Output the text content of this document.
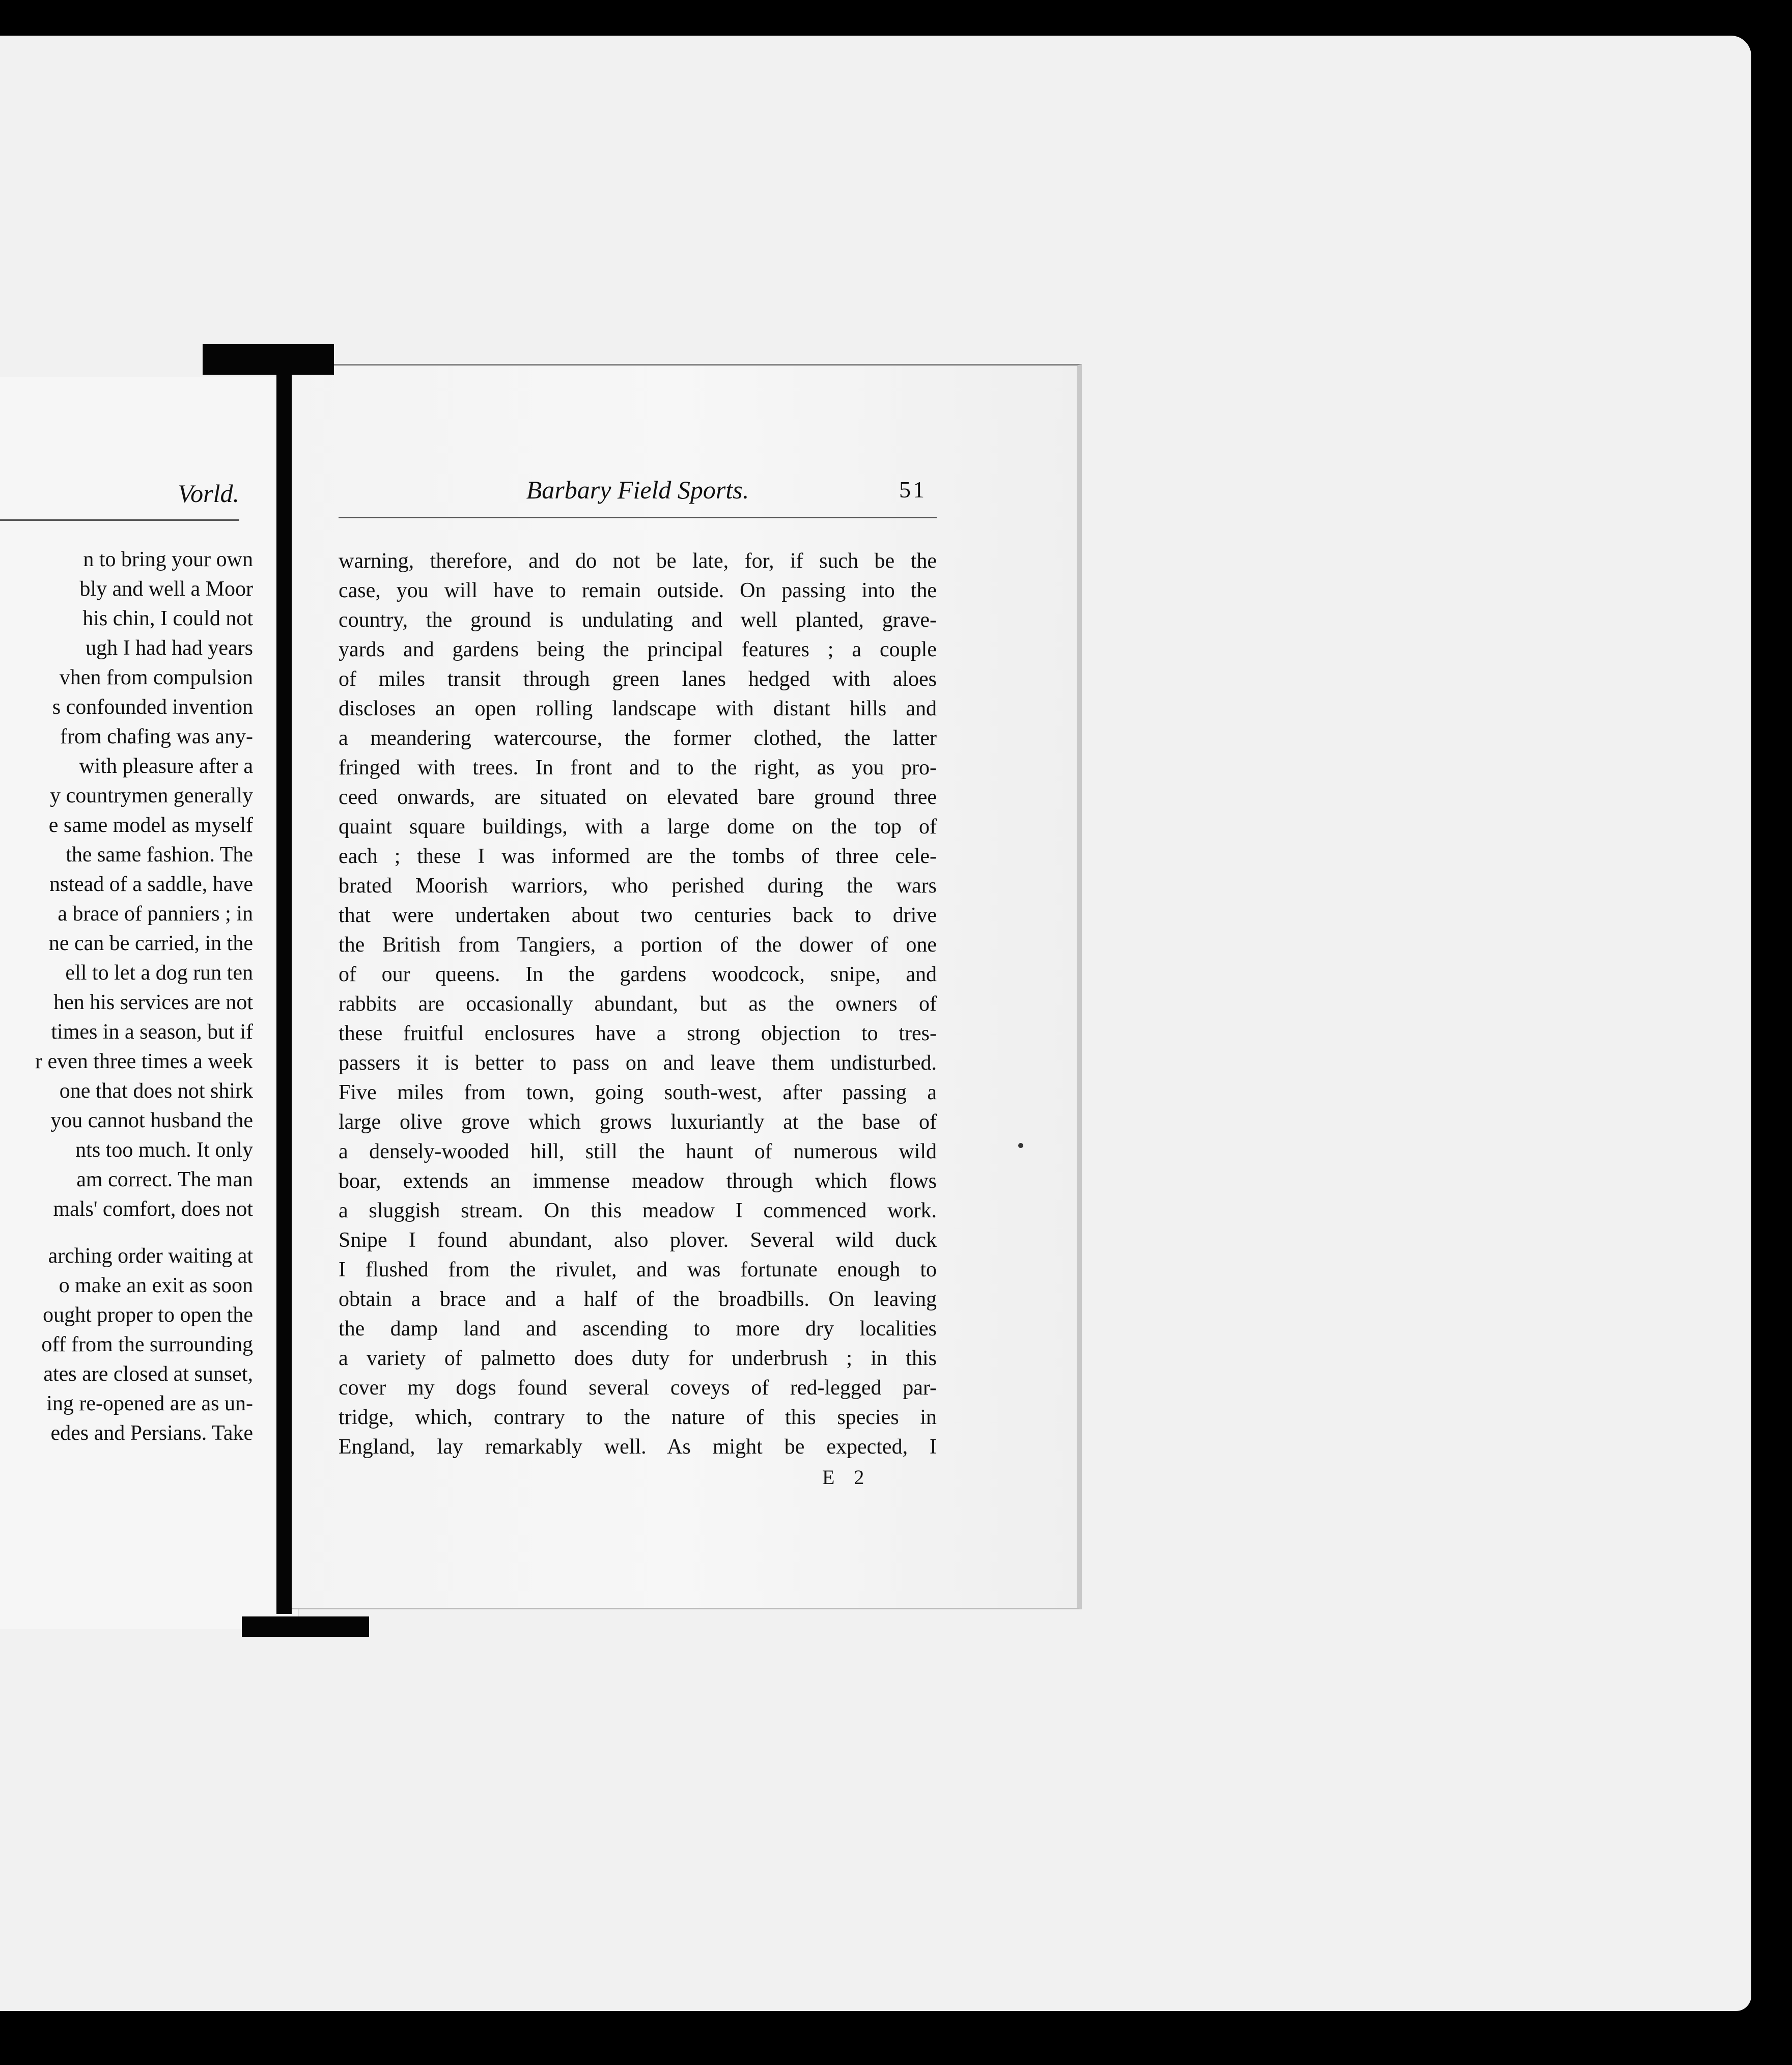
Vorld.
n to bring your own
bly and well a Moor
his chin, I could not
ugh I had had years
vhen from compulsion
s confounded invention
from chafing was any-
with pleasure after a
y countrymen generally
e same model as myself
the same fashion. The
nstead of a saddle, have
a brace of panniers ; in
ne can be carried, in the
ell to let a dog run ten
hen his services are not
times in a season, but if
r even three times a week
one that does not shirk
you cannot husband the
nts too much. It only
am correct. The man
mals' comfort, does not
arching order waiting at
o make an exit as soon
ought proper to open the
off from the surrounding
ates are closed at sunset,
ing re-opened are as un-
edes and Persians. Take
Barbary Field Sports.	51
warning, therefore, and do not be late, for, if such be the
case, you will have to remain outside. On passing into the
country, the ground is undulating and well planted, grave-
yards and gardens being the principal features ; a couple
of miles transit through green lanes hedged with aloes
discloses an open rolling landscape with distant hills and
a meandering watercourse, the former clothed, the latter
fringed with trees. In front and to the right, as you pro-
ceed onwards, are situated on elevated bare ground three
quaint square buildings, with a large dome on the top of
each ; these I was informed are the tombs of three cele-
brated Moorish warriors, who perished during the wars
that were undertaken about two centuries back to drive
the British from Tangiers, a portion of the dower of one
of our queens. In the gardens woodcock, snipe, and
rabbits are occasionally abundant, but as the owners of
these fruitful enclosures have a strong objection to tres-
passers it is better to pass on and leave them undisturbed.
Five miles from town, going south-west, after passing a
large olive grove which grows luxuriantly at the base of
a densely-wooded hill, still the haunt of numerous wild
boar, extends an immense meadow through which flows
a sluggish stream. On this meadow I commenced work.
Snipe I found abundant, also plover. Several wild duck
I flushed from the rivulet, and was fortunate enough to
obtain a brace and a half of the broadbills. On leaving
the damp land and ascending to more dry localities
a variety of palmetto does duty for underbrush ; in this
cover my dogs found several coveys of red-legged par-
tridge, which, contrary to the nature of this species in
England, lay remarkably well. As might be expected, I
E 2
